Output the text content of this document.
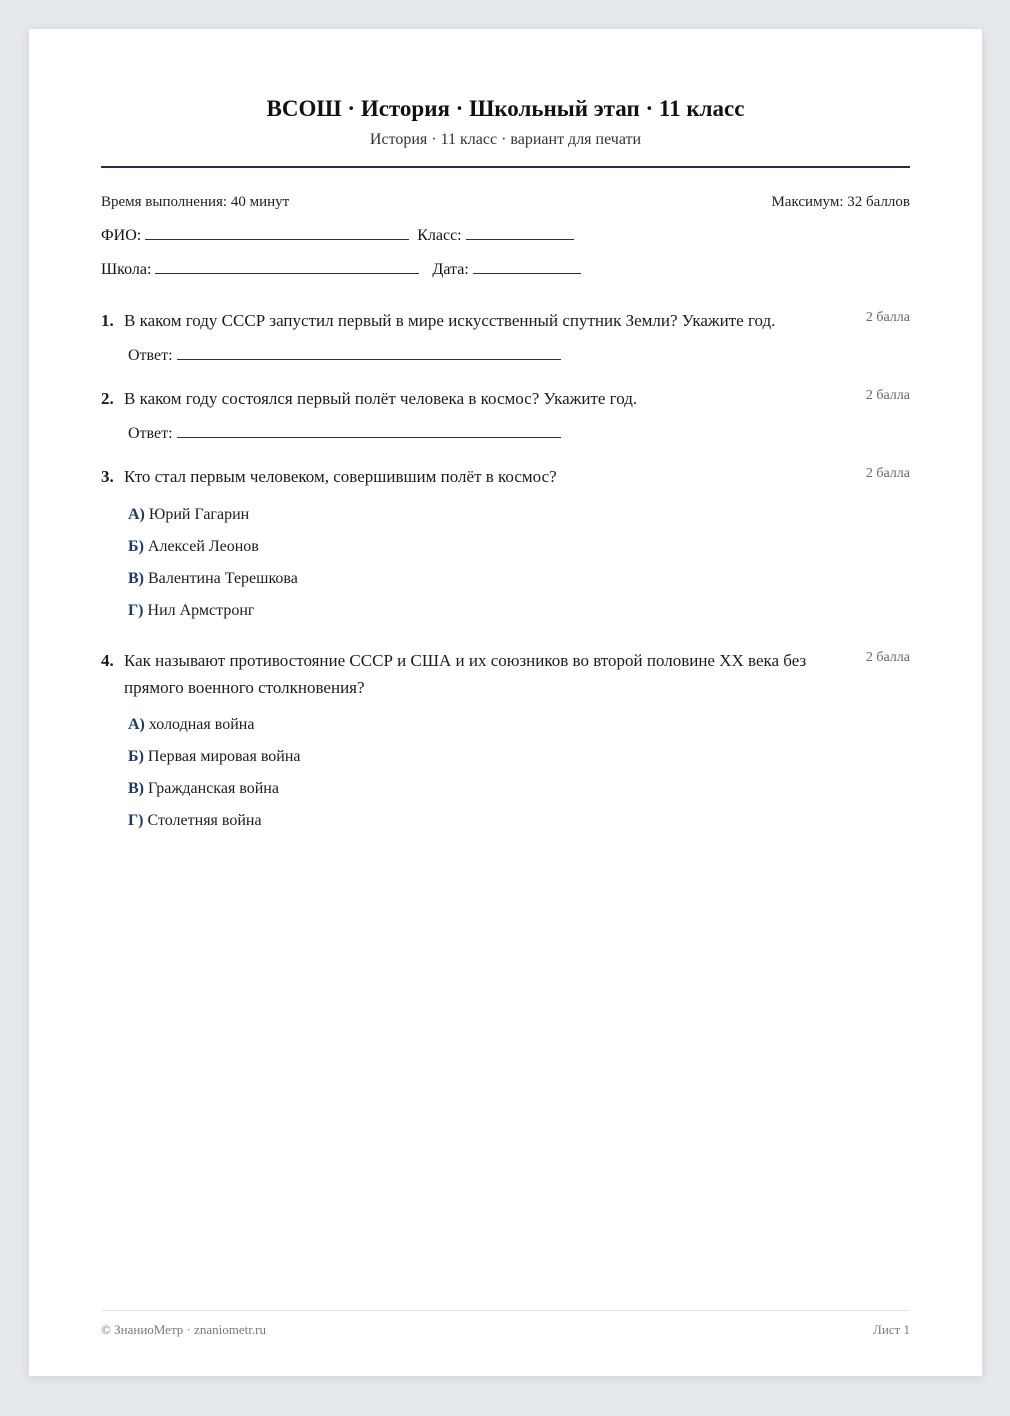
ВСОШ · История · Школьный этап · 11 класс
История · 11 класс · вариант для печати
Время выполнения: 40 минут	Максимум: 32 баллов
ФИО:	Класс:
Школа:	Дата:
1. В каком году СССР запустил первый в мире искусственный спутник Земли? Укажите год.	2 балла
Ответ:
2. В каком году состоялся первый полёт человека в космос? Укажите год.	2 балла
Ответ:
3. Кто стал первым человеком, совершившим полёт в космос?	2 балла
А) Юрий Гагарин
Б) Алексей Леонов
В) Валентина Терешкова
Г) Нил Армстронг
4. Как называют противостояние СССР и США и их союзников во второй половине XX века без прямого военного столкновения?
2 балла
А) холодная война
Б) Первая мировая война
В) Гражданская война
Г) Столетняя война
© ЗнаниоМетр · znaniometr.ru	Лист 1
